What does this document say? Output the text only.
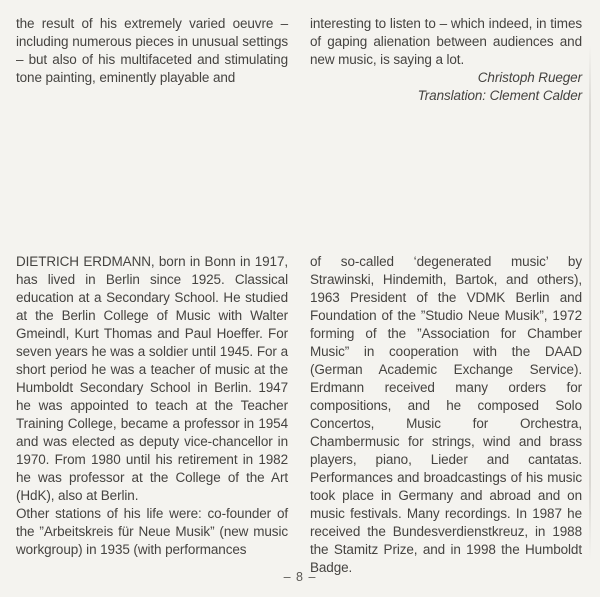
the result of his extremely varied oeuvre – including numerous pieces in unusual settings – but also of his multifaceted and stimulating tone painting, eminently playable and

interesting to listen to – which indeed, in times of gaping alienation between audiences and new music, is saying a lot.

Christoph Rueger
Translation: Clement Calder

DIETRICH ERDMANN, born in Bonn in 1917, has lived in Berlin since 1925. Classical education at a Secondary School. He studied at the Berlin College of Music with Walter Gmeindl, Kurt Thomas and Paul Hoeffer. For seven years he was a soldier until 1945. For a short period he was a teacher of music at the Humboldt Secondary School in Berlin. 1947 he was appointed to teach at the Teacher Training College, became a professor in 1954 and was elected as deputy vice-chancellor in 1970. From 1980 until his retirement in 1982 he was professor at the College of the Art (HdK), also at Berlin.

Other stations of his life were: co-founder of the ”Arbeitskreis für Neue Musik” (new music workgroup) in 1935 (with performances

of so-called ‘degenerated music’ by Strawinski, Hindemith, Bartok, and others), 1963 President of the VDMK Berlin and Foundation of the ”Studio Neue Musik”, 1972 forming of the ”Association for Chamber Music” in cooperation with the DAAD (German Academic Exchange Service). Erdmann received many orders for compositions, and he composed Solo Concertos, Music for Orchestra, Chambermusic for strings, wind and brass players, piano, Lieder and cantatas. Performances and broadcastings of his music took place in Germany and abroad and on music festivals. Many recordings. In 1987 he received the Bundesverdienstkreuz, in 1988 the Stamitz Prize, and in 1998 the Humboldt Badge.

– 8 –
